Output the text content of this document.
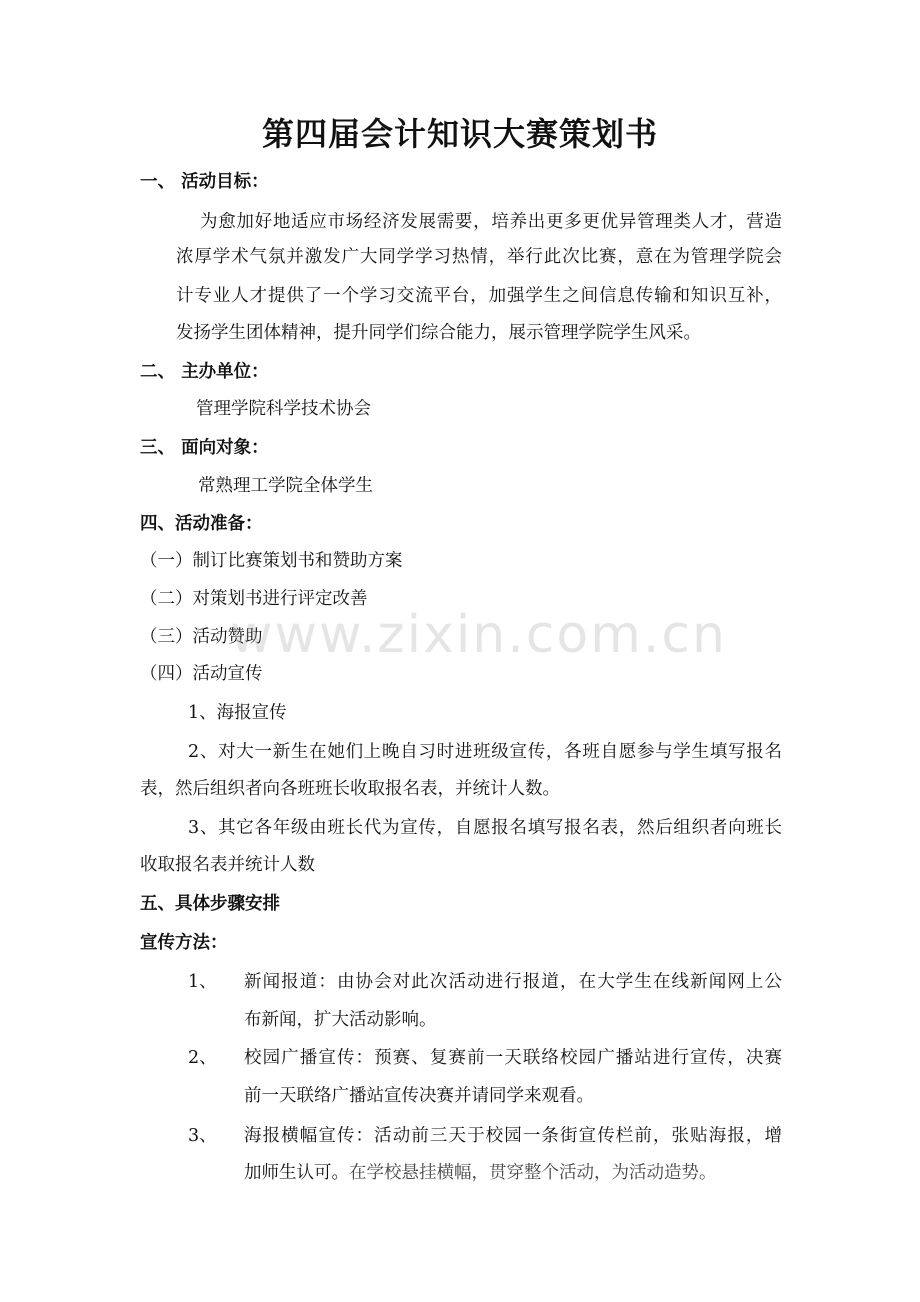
第四届会计知识大赛策划书
一、 活动目标：
为愈加好地适应市场经济发展需要，培养出更多更优异管理类人才，营造
浓厚学术气氛并激发广大同学学习热情，举行此次比赛，意在为管理学院会
计专业人才提供了一个学习交流平台，加强学生之间信息传输和知识互补，
发扬学生团体精神，提升同学们综合能力，展示管理学院学生风采。
二、 主办单位：
管理学院科学技术协会
三、 面向对象：
常熟理工学院全体学生
四、活动准备：
（一）制订比赛策划书和赞助方案
（二）对策划书进行评定改善
（三）活动赞助
（四）活动宣传
1、海报宣传
2、对大一新生在她们上晚自习时进班级宣传，各班自愿参与学生填写报名
表，然后组织者向各班班长收取报名表，并统计人数。
3、其它各年级由班长代为宣传，自愿报名填写报名表，然后组织者向班长
收取报名表并统计人数
五、具体步骤安排
宣传方法：
1、 新闻报道：由协会对此次活动进行报道，在大学生在线新闻网上公
布新闻，扩大活动影响。
2、 校园广播宣传：预赛、复赛前一天联络校园广播站进行宣传，决赛
前一天联络广播站宣传决赛并请同学来观看。
3、 海报横幅宣传：活动前三天于校园一条街宣传栏前，张贴海报，增
加师生认可。在学校悬挂横幅，贯穿整个活动，为活动造势。
www.zixin.com.cn
